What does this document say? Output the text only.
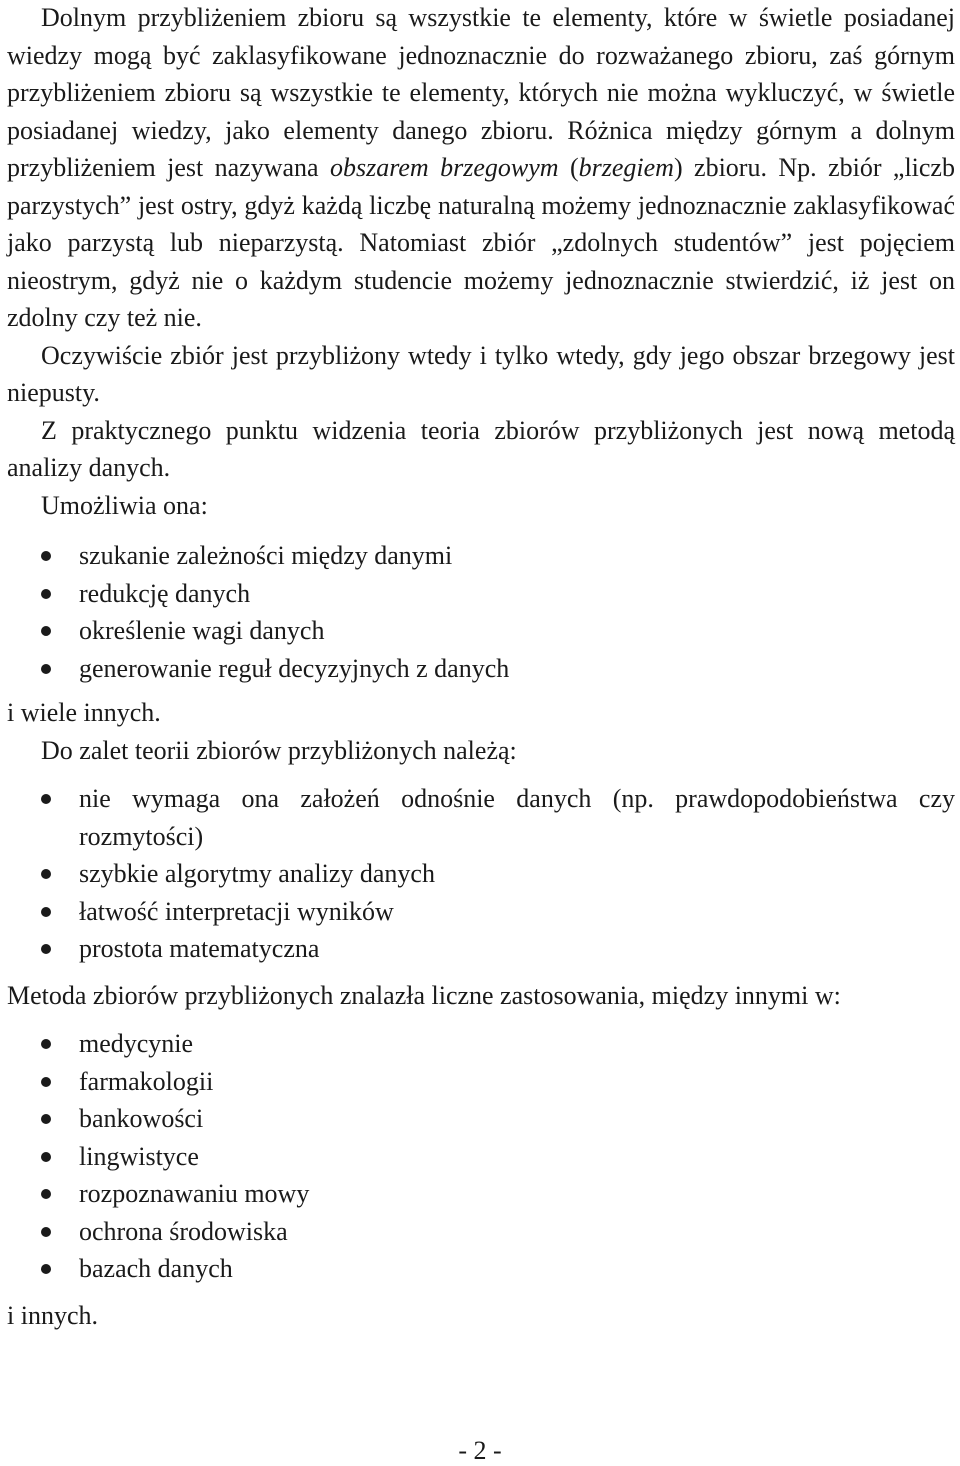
Dolnym przybliżeniem zbioru są wszystkie te elementy, które w świetle posiadanej wiedzy mogą być zaklasyfikowane jednoznacznie do rozważanego zbioru, zaś górnym przybliżeniem zbioru są wszystkie te elementy, których nie można wykluczyć, w świetle posiadanej wiedzy, jako elementy danego zbioru. Różnica między górnym a dolnym przybliżeniem jest nazywana obszarem brzegowym (brzegiem) zbioru. Np. zbiór „liczb parzystych” jest ostry, gdyż każdą liczbę naturalną możemy jednoznacznie zaklasyfikować jako parzystą lub nieparzystą. Natomiast zbiór „zdolnych studentów” jest pojęciem nieostrym, gdyż nie o każdym studencie możemy jednoznacznie stwierdzić, iż jest on zdolny czy też nie.

Oczywiście zbiór jest przybliżony wtedy i tylko wtedy, gdy jego obszar brzegowy jest niepusty.

Z praktycznego punktu widzenia teoria zbiorów przybliżonych jest nową metodą analizy danych.

Umożliwia ona:

szukanie zależności między danymi
redukcję danych
określenie wagi danych
generowanie reguł decyzyjnych z danych

i wiele innych.

Do zalet teorii zbiorów przybliżonych należą:

nie wymaga ona założeń odnośnie danych (np. prawdopodobieństwa czy rozmytości)
szybkie algorytmy analizy danych
łatwość interpretacji wyników
prostota matematyczna

Metoda zbiorów przybliżonych znalazła liczne zastosowania, między innymi w:

medycynie
farmakologii
bankowości
lingwistyce
rozpoznawaniu mowy
ochrona środowiska
bazach danych

i innych.

- 2 -
